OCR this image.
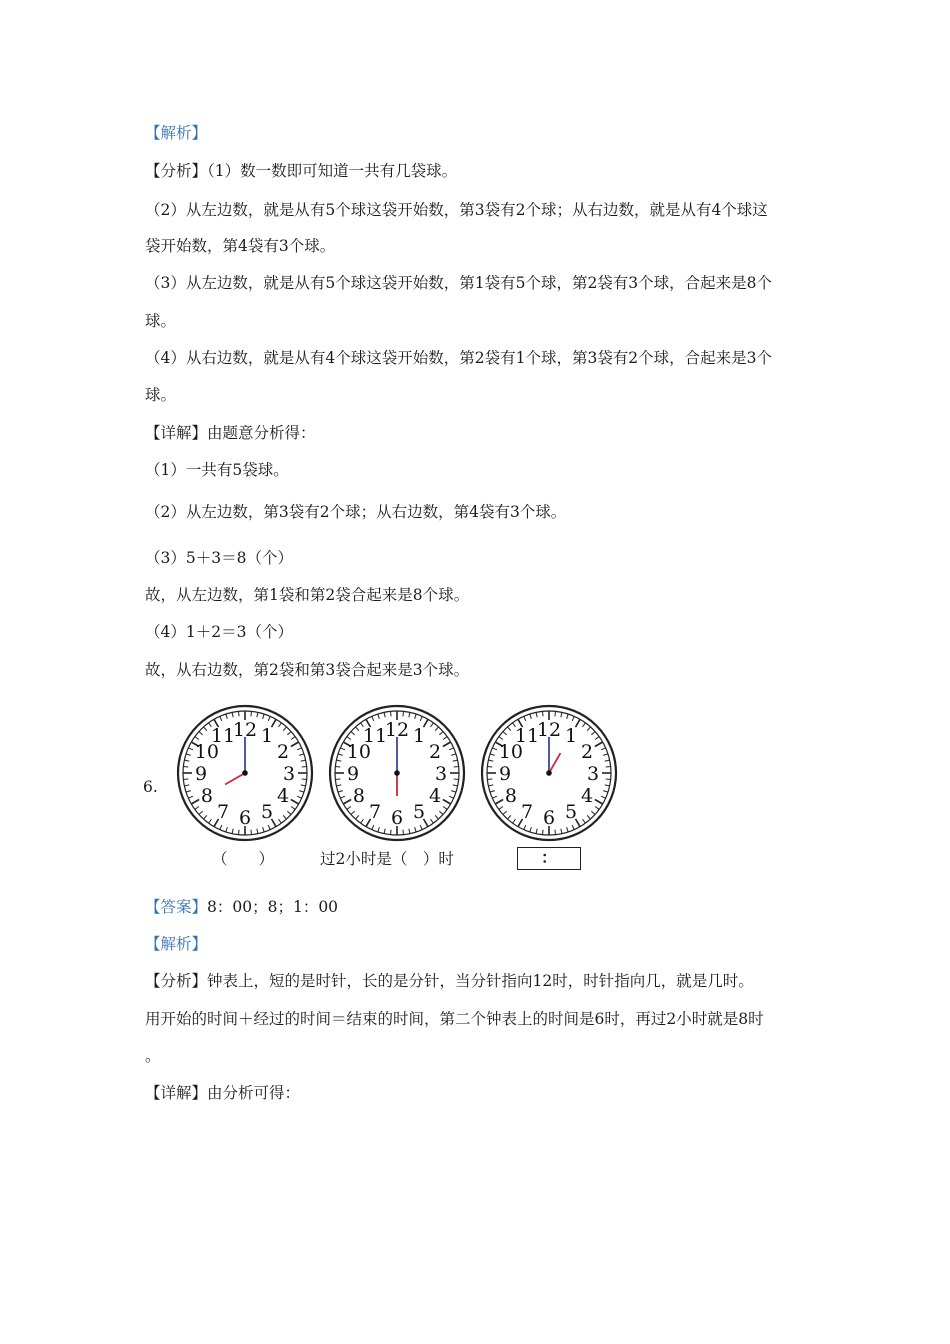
【解析】
【分析】（1）数一数即可知道一共有几袋球。
（2）从左边数，就是从有5个球这袋开始数，第3袋有2个球；从右边数，就是从有4个球这
袋开始数，第4袋有3个球。
（3）从左边数，就是从有5个球这袋开始数，第1袋有5个球，第2袋有3个球，合起来是8个
球。
（4）从右边数，就是从有4个球这袋开始数，第2袋有1个球，第3袋有2个球，合起来是3个
球。
【详解】由题意分析得：
（1）一共有5袋球。
（2）从左边数，第3袋有2个球；从右边数，第4袋有3个球。
（3）5＋3＝8（个）
故，从左边数，第1袋和第2袋合起来是8个球。
（4）1＋2＝3（个）
故，从右边数，第2袋和第3袋合起来是3个球。
6.
12 1
2
3
4
5
6
7
8
9
10
11	12 1
2
3
4
5
6
7
8
9
10
11	12 1
2
3
4
5
6
7
8
9
10
11
（　　）	过2小时是（　）时	：
【答案】8：00；8；1：00
【解析】
【分析】钟表上，短的是时针，长的是分针，当分针指向12时，时针指向几，就是几时。
用开始的时间＋经过的时间＝结束的时间，第二个钟表上的时间是6时，再过2小时就是8时
。
【详解】由分析可得：
